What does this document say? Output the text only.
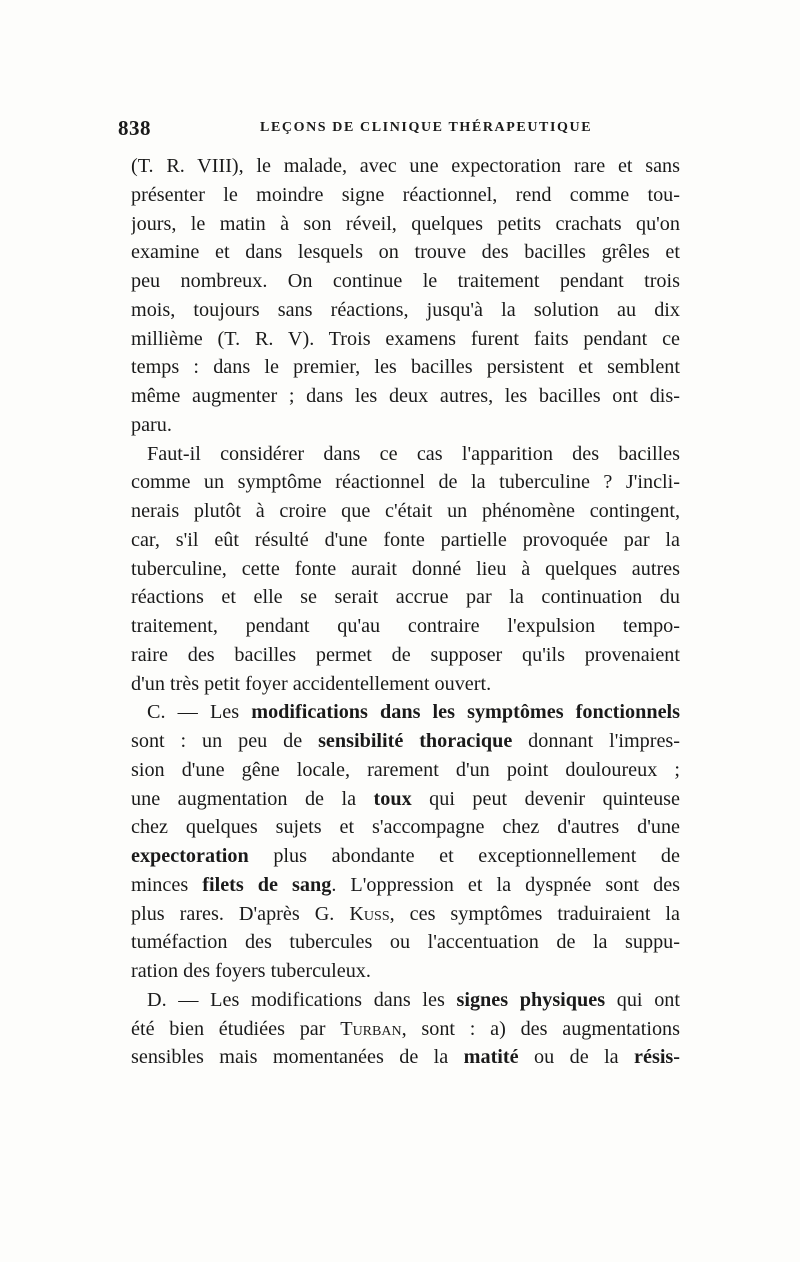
838	LEÇONS DE CLINIQUE THÉRAPEUTIQUE
(T. R. VIII), le malade, avec une expectoration rare et sans
présenter le moindre signe réactionnel, rend comme tou-
jours, le matin à son réveil, quelques petits crachats qu'on
examine et dans lesquels on trouve des bacilles grêles et
peu nombreux. On continue le traitement pendant trois
mois, toujours sans réactions, jusqu'à la solution au dix
millième (T. R. V). Trois examens furent faits pendant ce
temps : dans le premier, les bacilles persistent et semblent
même augmenter ; dans les deux autres, les bacilles ont dis-
paru.
Faut-il considérer dans ce cas l'apparition des bacilles
comme un symptôme réactionnel de la tuberculine ? J'incli-
nerais plutôt à croire que c'était un phénomène contingent,
car, s'il eût résulté d'une fonte partielle provoquée par la
tuberculine, cette fonte aurait donné lieu à quelques autres
réactions et elle se serait accrue par la continuation du
traitement, pendant qu'au contraire l'expulsion tempo-
raire des bacilles permet de supposer qu'ils provenaient
d'un très petit foyer accidentellement ouvert.
C. — Les modifications dans les symptômes fonctionnels
sont : un peu de sensibilité thoracique donnant l'impres-
sion d'une gêne locale, rarement d'un point douloureux ;
une augmentation de la toux qui peut devenir quinteuse
chez quelques sujets et s'accompagne chez d'autres d'une
expectoration plus abondante et exceptionnellement de
minces filets de sang. L'oppression et la dyspnée sont des
plus rares. D'après G. Kuss, ces symptômes traduiraient la
tuméfaction des tubercules ou l'accentuation de la suppu-
ration des foyers tuberculeux.
D. — Les modifications dans les signes physiques qui ont
été bien étudiées par Turban, sont : a) des augmentations
sensibles mais momentanées de la matité ou de la résis-
